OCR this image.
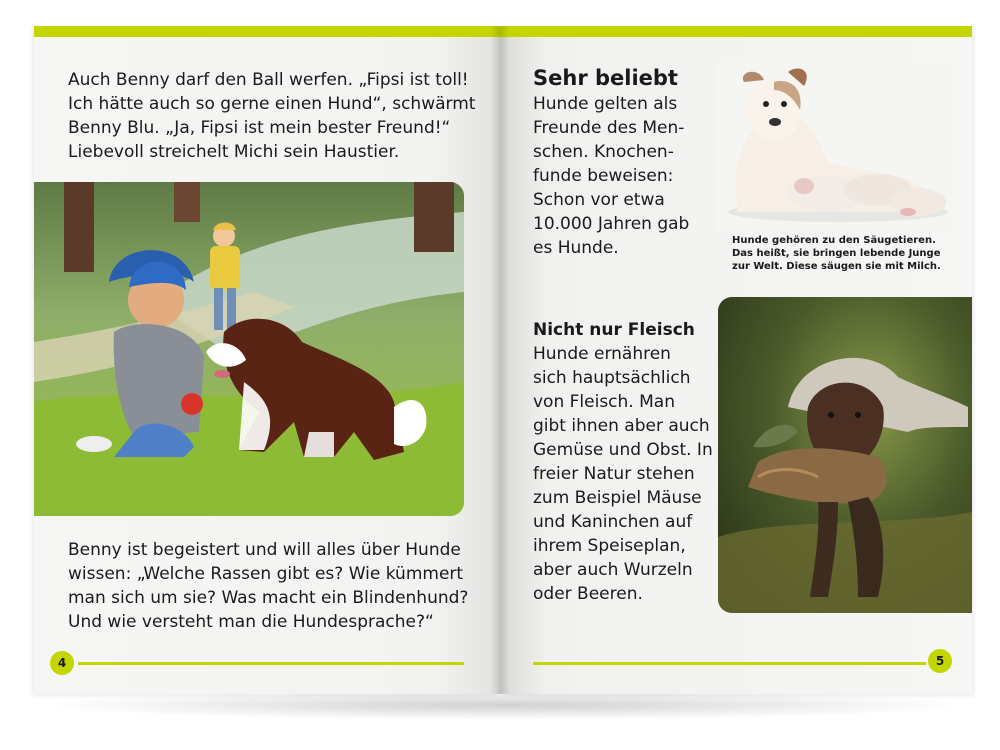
Auch Benny darf den Ball werfen. „Fipsi ist toll!
Ich hätte auch so gerne einen Hund“, schwärmt
Benny Blu. „Ja, Fipsi ist mein bester Freund!“
Liebevoll streichelt Michi sein Haustier.
Benny ist begeistert und will alles über Hunde
wissen: „Welche Rassen gibt es? Wie kümmert
man sich um sie? Was macht ein Blindenhund?
Und wie versteht man die Hundesprache?“
4
Sehr beliebt
Hunde gelten als
Freunde des Men-
schen. Knochen-
funde beweisen:
Schon vor etwa
10.000 Jahren gab
es Hunde.	Hunde gehören zu den Säugetieren.
Das heißt, sie bringen lebende Junge
zur Welt. Diese säugen sie mit Milch.
Nicht nur Fleisch
Hunde ernähren
sich hauptsächlich
von Fleisch. Man
gibt ihnen aber auch
Gemüse und Obst. In
freier Natur stehen
zum Beispiel Mäuse
und Kaninchen auf
ihrem Speiseplan,
aber auch Wurzeln
oder Beeren.
5
